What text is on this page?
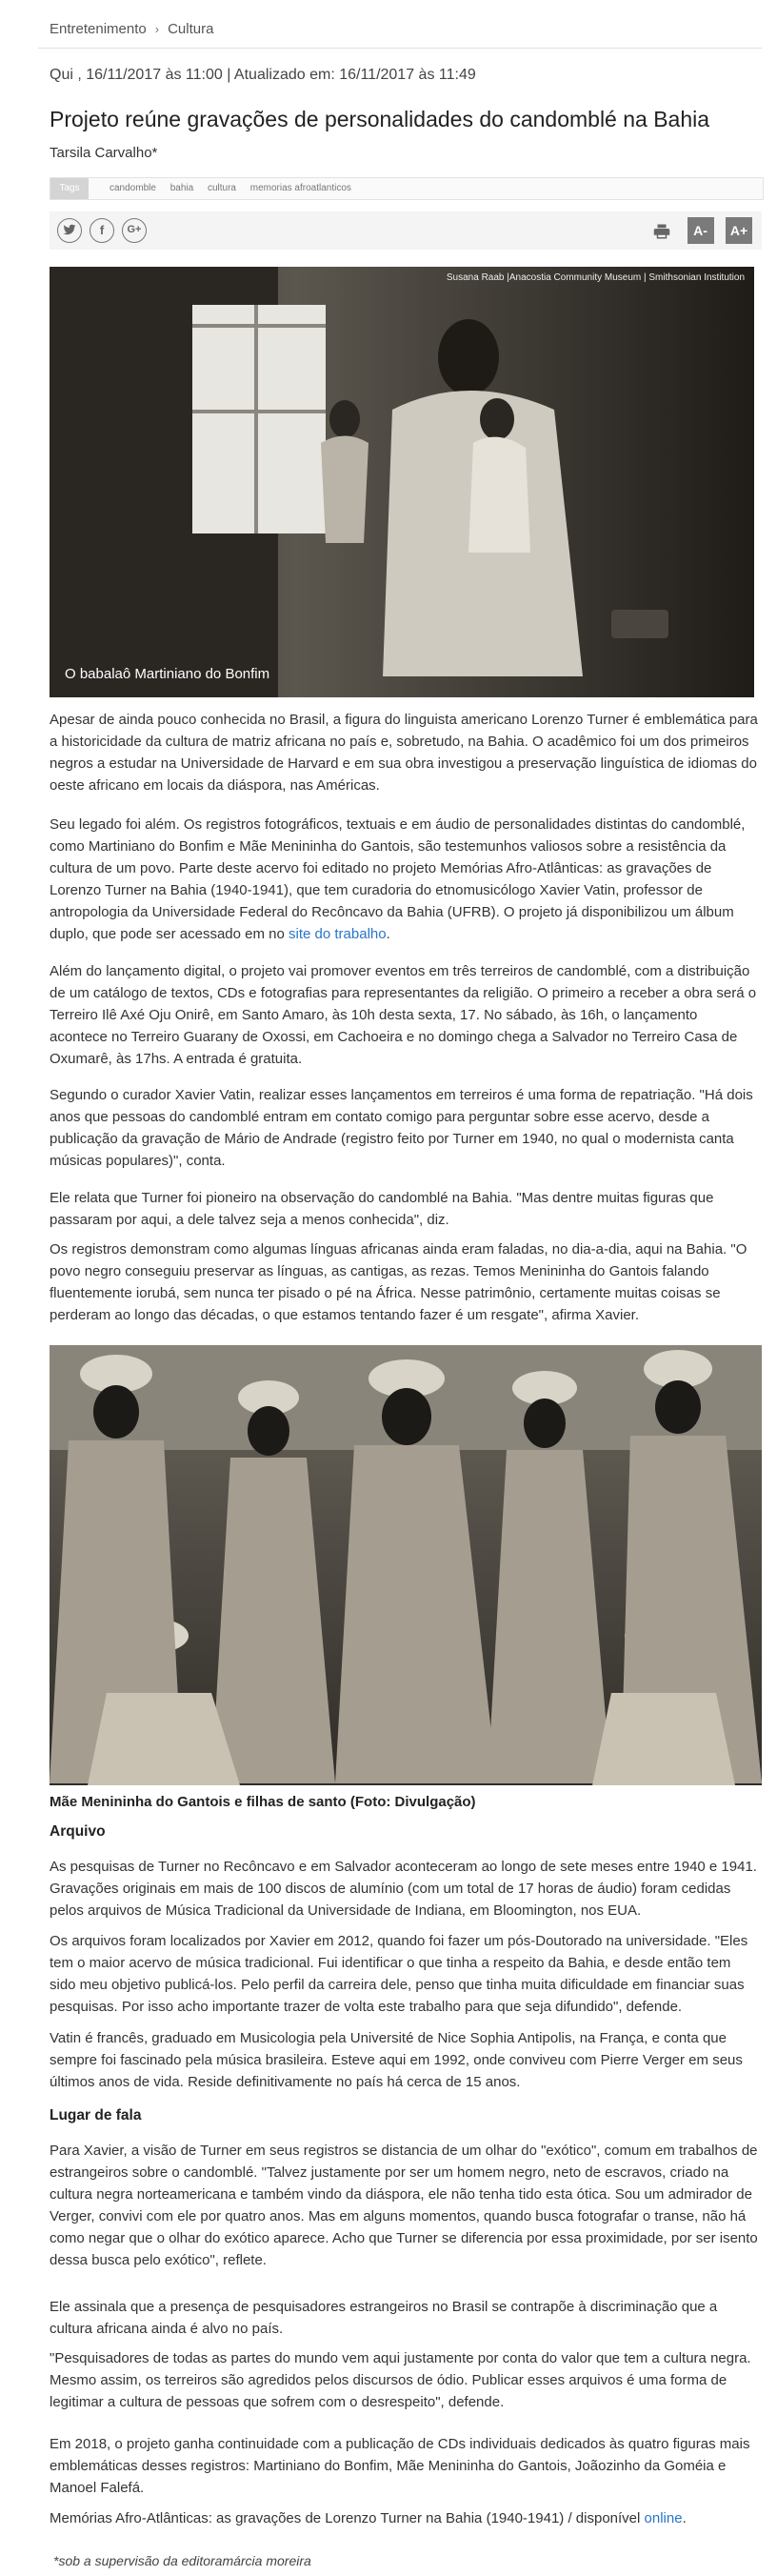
Entretenimento › Cultura
Qui , 16/11/2017 às 11:00 | Atualizado em: 16/11/2017 às 11:49
Projeto reúne gravações de personalidades do candomblé na Bahia
Tarsila Carvalho*
Tags	candomble bahia cultura memorias afroatlanticos
f	G+	A- A+
Susana Raab |Anacostia Community Museum | Smithsonian Institution
O babalaô Martiniano do Bonfim

Apesar de ainda pouco conhecida no Brasil, a figura do linguista americano Lorenzo Turner é emblemática para a historicidade da cultura de matriz africana no país e, sobretudo, na Bahia. O acadêmico foi um dos primeiros negros a estudar na Universidade de Harvard e em sua obra investigou a preservação linguística de idiomas do oeste africano em locais da diáspora, nas Américas.

Seu legado foi além. Os registros fotográficos, textuais e em áudio de personalidades distintas do candomblé, como Martiniano do Bonfim e Mãe Menininha do Gantois, são testemunhos valiosos sobre a resistência da cultura de um povo. Parte deste acervo foi editado no projeto Memórias Afro-Atlânticas: as gravações de Lorenzo Turner na Bahia (1940-1941), que tem curadoria do etnomusicólogo Xavier Vatin, professor de antropologia da Universidade Federal do Recôncavo da Bahia (UFRB). O projeto já disponibilizou um álbum duplo, que pode ser acessado em no site do trabalho.

Além do lançamento digital, o projeto vai promover eventos em três terreiros de candomblé, com a distribuição de um catálogo de textos, CDs e fotografias para representantes da religião. O primeiro a receber a obra será o Terreiro Ilê Axé Oju Onirê, em Santo Amaro, às 10h desta sexta, 17. No sábado, às 16h, o lançamento acontece no Terreiro Guarany de Oxossi, em Cachoeira e no domingo chega a Salvador no Terreiro Casa de Oxumarê, às 17hs. A entrada é gratuita.

Segundo o curador Xavier Vatin, realizar esses lançamentos em terreiros é uma forma de repatriação. "Há dois anos que pessoas do candomblé entram em contato comigo para perguntar sobre esse acervo, desde a publicação da gravação de Mário de Andrade (registro feito por Turner em 1940, no qual o modernista canta músicas populares)", conta.

Ele relata que Turner foi pioneiro na observação do candomblé na Bahia. "Mas dentre muitas figuras que passaram por aqui, a dele talvez seja a menos conhecida", diz.

Os registros demonstram como algumas línguas africanas ainda eram faladas, no dia-a-dia, aqui na Bahia. "O povo negro conseguiu preservar as línguas, as cantigas, as rezas. Temos Menininha do Gantois falando fluentemente iorubá, sem nunca ter pisado o pé na África. Nesse patrimônio, certamente muitas coisas se perderam ao longo das décadas, o que estamos tentando fazer é um resgate", afirma Xavier.

Mãe Menininha do Gantois e filhas de santo (Foto: Divulgação)
Arquivo

As pesquisas de Turner no Recôncavo e em Salvador aconteceram ao longo de sete meses entre 1940 e 1941. Gravações originais em mais de 100 discos de alumínio (com um total de 17 horas de áudio) foram cedidas pelos arquivos de Música Tradicional da Universidade de Indiana, em Bloomington, nos EUA.

Os arquivos foram localizados por Xavier em 2012, quando foi fazer um pós-Doutorado na universidade. "Eles tem o maior acervo de música tradicional. Fui identificar o que tinha a respeito da Bahia, e desde então tem sido meu objetivo publicá-los. Pelo perfil da carreira dele, penso que tinha muita dificuldade em financiar suas pesquisas. Por isso acho importante trazer de volta este trabalho para que seja difundido", defende.

Vatin é francês, graduado em Musicologia pela Université de Nice Sophia Antipolis, na França, e conta que sempre foi fascinado pela música brasileira. Esteve aqui em 1992, onde conviveu com Pierre Verger em seus últimos anos de vida. Reside definitivamente no país há cerca de 15 anos.

Lugar de fala

Para Xavier, a visão de Turner em seus registros se distancia de um olhar do "exótico", comum em trabalhos de estrangeiros sobre o candomblé. "Talvez justamente por ser um homem negro, neto de escravos, criado na cultura negra norteamericana e também vindo da diáspora, ele não tenha tido esta ótica. Sou um admirador de Verger, convivi com ele por quatro anos. Mas em alguns momentos, quando busca fotografar o transe, não há como negar que o olhar do exótico aparece. Acho que Turner se diferencia por essa proximidade, por ser isento dessa busca pelo exótico", reflete.

Ele assinala que a presença de pesquisadores estrangeiros no Brasil se contrapõe à discriminação que a cultura africana ainda é alvo no país.

"Pesquisadores de todas as partes do mundo vem aqui justamente por conta do valor que tem a cultura negra. Mesmo assim, os terreiros são agredidos pelos discursos de ódio. Publicar esses arquivos é uma forma de legitimar a cultura de pessoas que sofrem com o desrespeito", defende.

Em 2018, o projeto ganha continuidade com a publicação de CDs individuais dedicados às quatro figuras mais emblemáticas desses registros: Martiniano do Bonfim, Mãe Menininha do Gantois, Joãozinho da Goméia e Manoel Falefá.

Memórias Afro-Atlânticas: as gravações de Lorenzo Turner na Bahia (1940-1941) / disponível online.

*sob a supervisão da editoramárcia moreira
